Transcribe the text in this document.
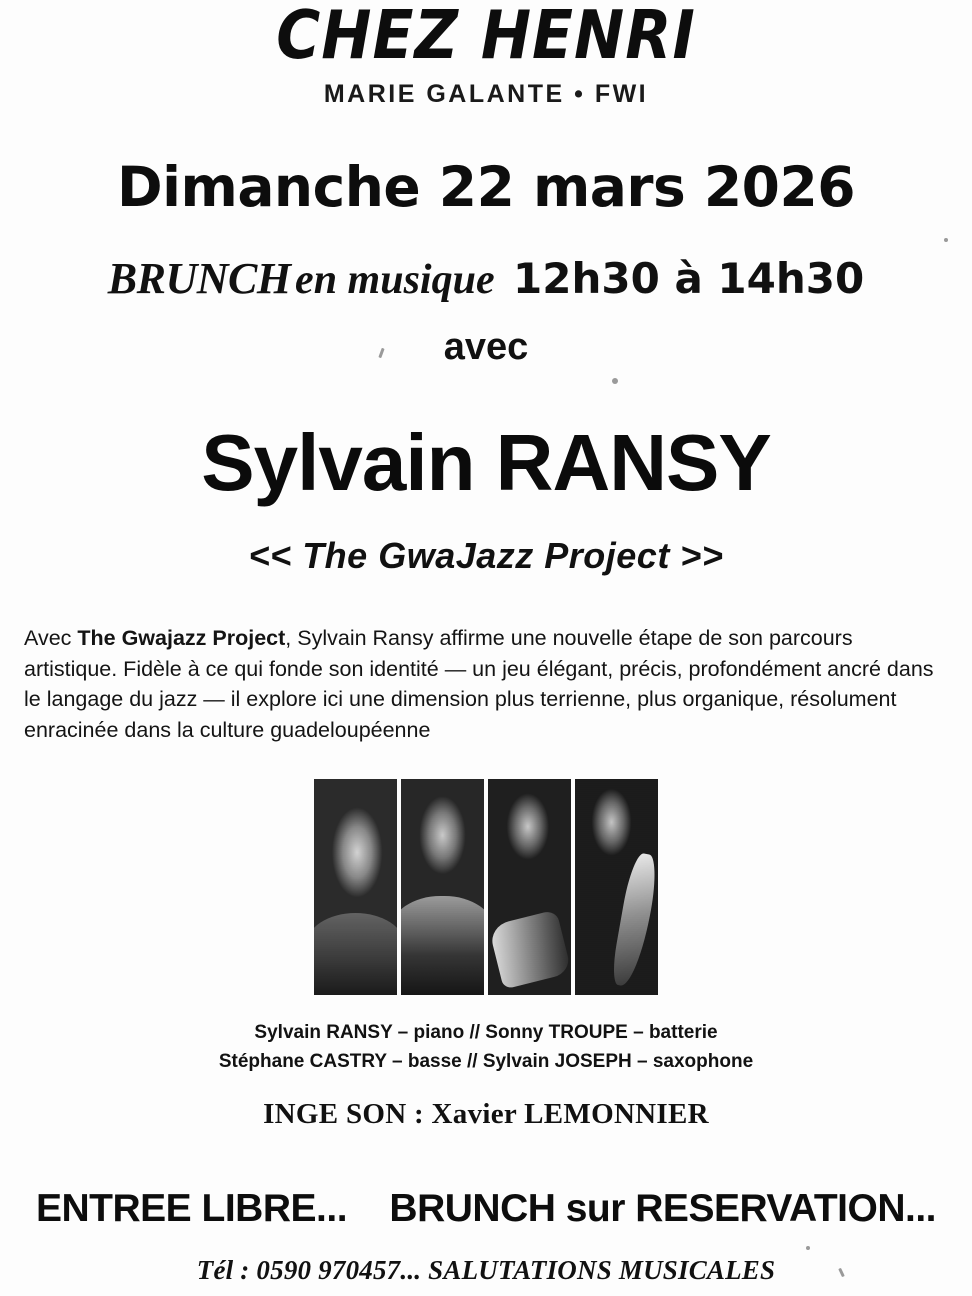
CHEZ HENRI
MARIE GALANTE • FWI
Dimanche 22 mars 2026
BRUNCH en musique 12h30 à 14h30
avec
Sylvain RANSY
<< The GwaJazz Project >>
Avec The Gwajazz Project, Sylvain Ransy affirme une nouvelle étape de son parcours artistique. Fidèle à ce qui fonde son identité — un jeu élégant, précis, profondément ancré dans le langage du jazz — il explore ici une dimension plus terrienne, plus organique, résolument enracinée dans la culture guadeloupéenne
Sylvain RANSY – piano // Sonny TROUPE – batterie
Stéphane CASTRY – basse // Sylvain JOSEPH – saxophone
INGE SON : Xavier LEMONNIER
ENTREE LIBRE... BRUNCH sur RESERVATION...
Tél : 0590 970457... SALUTATIONS MUSICALES
